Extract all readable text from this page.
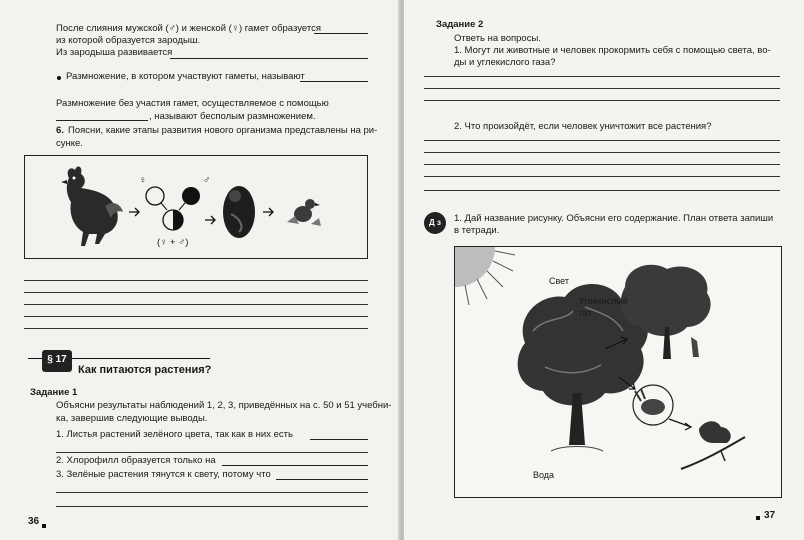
После слияния мужской (♂) и женской (♀) гамет образуется
из которой образуется зародыш.
Из зародыша развивается
Размножение, в котором участвуют гаметы, называют
Размножение без участия гамет, осуществляемое с помощью
, называют бесполым размножением.
6. Поясни, какие этапы развития нового организма представлены на ри-
сунке.
♀	♂
(♀ + ♂)
§ 17
Как питаются растения?
Задание 1
Объясни результаты наблюдений 1, 2, 3, приведённых на с. 50 и 51 учебни-
ка, завершив следующие выводы.
1. Листья растений зелёного цвета, так как в них есть
2. Хлорофилл образуется только на
3. Зелёные растения тянутся к свету, потому что
36
Задание 2
Ответь на вопросы.
1. Могут ли животные и человек прокормить себя с помощью света, во-
ды и углекислого газа?
2. Что произойдёт, если человек уничтожит все растения?
Д з	1. Дай название рисунку. Объясни его содержание. План ответа запиши
в тетради.
Свет
Углекислый
газ
Вода
37
